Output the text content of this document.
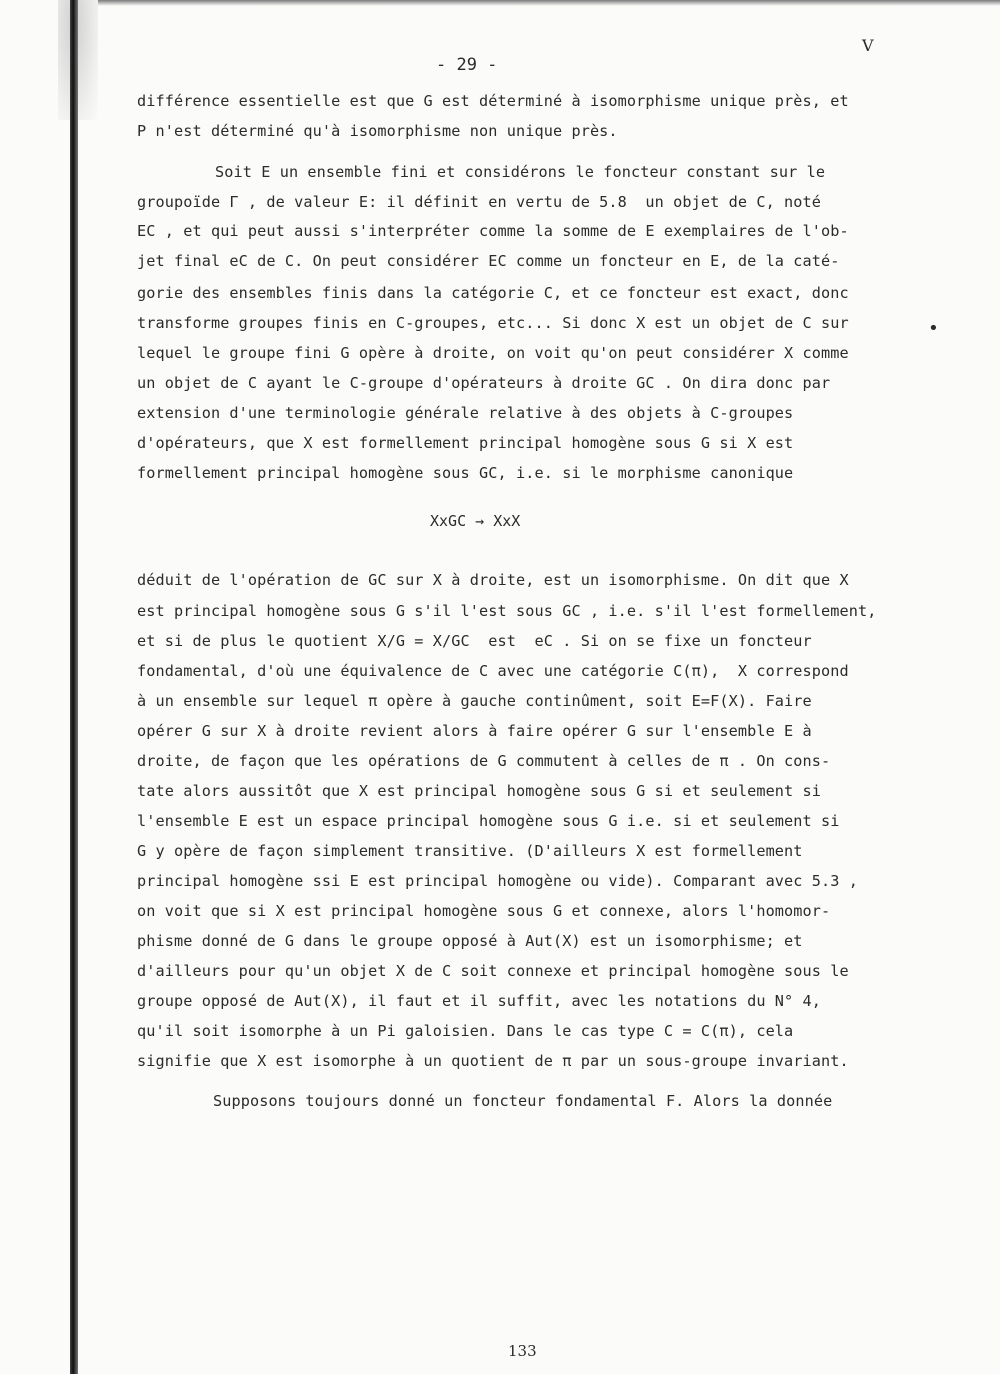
V
- 29 -
•
différence essentielle est que G est déterminé à isomorphisme unique près, et
P n'est déterminé qu'à isomorphisme non unique près.
Soit E un ensemble fini et considérons le foncteur constant sur le
groupoïde Γ , de valeur E: il définit en vertu de 5.8  un objet de C, noté
EC , et qui peut aussi s'interpréter comme la somme de E exemplaires de l'ob-
jet final eC de C. On peut considérer EC comme un foncteur en E, de la caté-
gorie des ensembles finis dans la catégorie C, et ce foncteur est exact, donc
transforme groupes finis en C-groupes, etc... Si donc X est un objet de C sur
lequel le groupe fini G opère à droite, on voit qu'on peut considérer X comme
un objet de C ayant le C-groupe d'opérateurs à droite GC . On dira donc par
extension d'une terminologie générale relative à des objets à C-groupes
d'opérateurs, que X est formellement principal homogène sous G si X est
formellement principal homogène sous GC, i.e. si le morphisme canonique
XxGC → XxX
déduit de l'opération de GC sur X à droite, est un isomorphisme. On dit que X
est principal homogène sous G s'il l'est sous GC , i.e. s'il l'est formellement,
et si de plus le quotient X/G = X/GC  est  eC . Si on se fixe un foncteur
fondamental, d'où une équivalence de C avec une catégorie C(π),  X correspond
à un ensemble sur lequel π opère à gauche continûment, soit E=F(X). Faire
opérer G sur X à droite revient alors à faire opérer G sur l'ensemble E à
droite, de façon que les opérations de G commutent à celles de π . On cons-
tate alors aussitôt que X est principal homogène sous G si et seulement si
l'ensemble E est un espace principal homogène sous G i.e. si et seulement si
G y opère de façon simplement transitive. (D'ailleurs X est formellement
principal homogène ssi E est principal homogène ou vide). Comparant avec 5.3 ,
on voit que si X est principal homogène sous G et connexe, alors l'homomor-
phisme donné de G dans le groupe opposé à Aut(X) est un isomorphisme; et
d'ailleurs pour qu'un objet X de C soit connexe et principal homogène sous le
groupe opposé de Aut(X), il faut et il suffit, avec les notations du N° 4,
qu'il soit isomorphe à un Pi galoisien. Dans le cas type C = C(π), cela
signifie que X est isomorphe à un quotient de π par un sous-groupe invariant.
Supposons toujours donné un foncteur fondamental F. Alors la donnée
133
